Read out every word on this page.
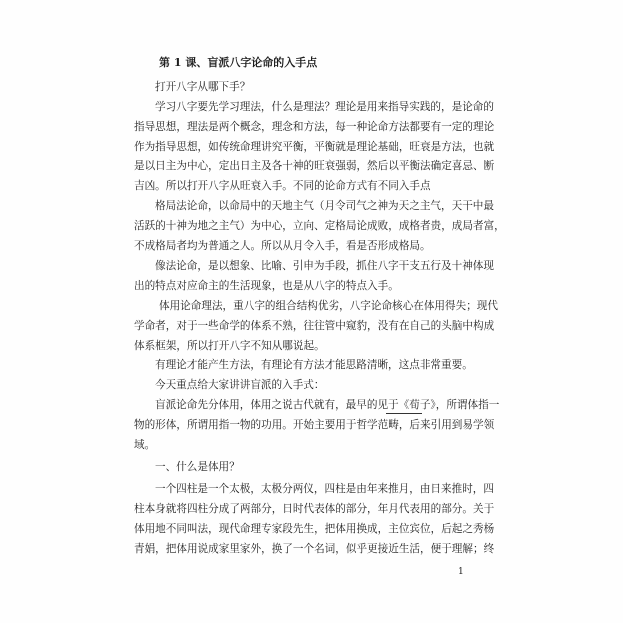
第 1 课、盲派八字论命的入手点
打开八字从哪下手？
学习八字要先学习理法，什么是理法？理论是用来指导实践的，是论命的
指导思想，理法是两个概念，理念和方法，每一种论命方法都要有一定的理论
作为指导思想，如传统命理讲究平衡，平衡就是理论基础，旺衰是方法，也就
是以日主为中心，定出日主及各十神的旺衰强弱，然后以平衡法确定喜忌、断
吉凶。所以打开八字从旺衰入手。不同的论命方式有不同入手点
格局法论命，以命局中的天地主气（月令司气之神为天之主气，天干中最
活跃的十神为地之主气）为中心，立向、定格局论成败，成格者贵，成局者富，
不成格局者均为普通之人。所以从月令入手，看是否形成格局。
像法论命，是以想象、比喻、引申为手段，抓住八字干支五行及十神体现
出的特点对应命主的生活现象，也是从八字的特点入手。
体用论命理法，重八字的组合结构优劣，八字论命核心在体用得失；现代
学命者，对于一些命学的体系不熟，往往管中窥豹，没有在自己的头脑中构成
体系框架，所以打开八字不知从哪说起。
有理论才能产生方法，有理论有方法才能思路清晰，这点非常重要。
今天重点给大家讲讲盲派的入手式：
盲派论命先分体用，体用之说古代就有，最早的见于《荀子》，所谓体指一
物的形体，所谓用指一物的功用。开始主要用于哲学范畴，后来引用到易学领
域。
一、什么是体用？
一个四柱是一个太极，太极分两仪，四柱是由年来推月，由日来推时，四
柱本身就将四柱分成了两部分，日时代表体的部分，年月代表用的部分。关于
体用地不同叫法，现代命理专家段先生，把体用换成，主位宾位，后起之秀杨
青娟，把体用说成家里家外，换了一个名词，似乎更接近生活，便于理解；终
1
